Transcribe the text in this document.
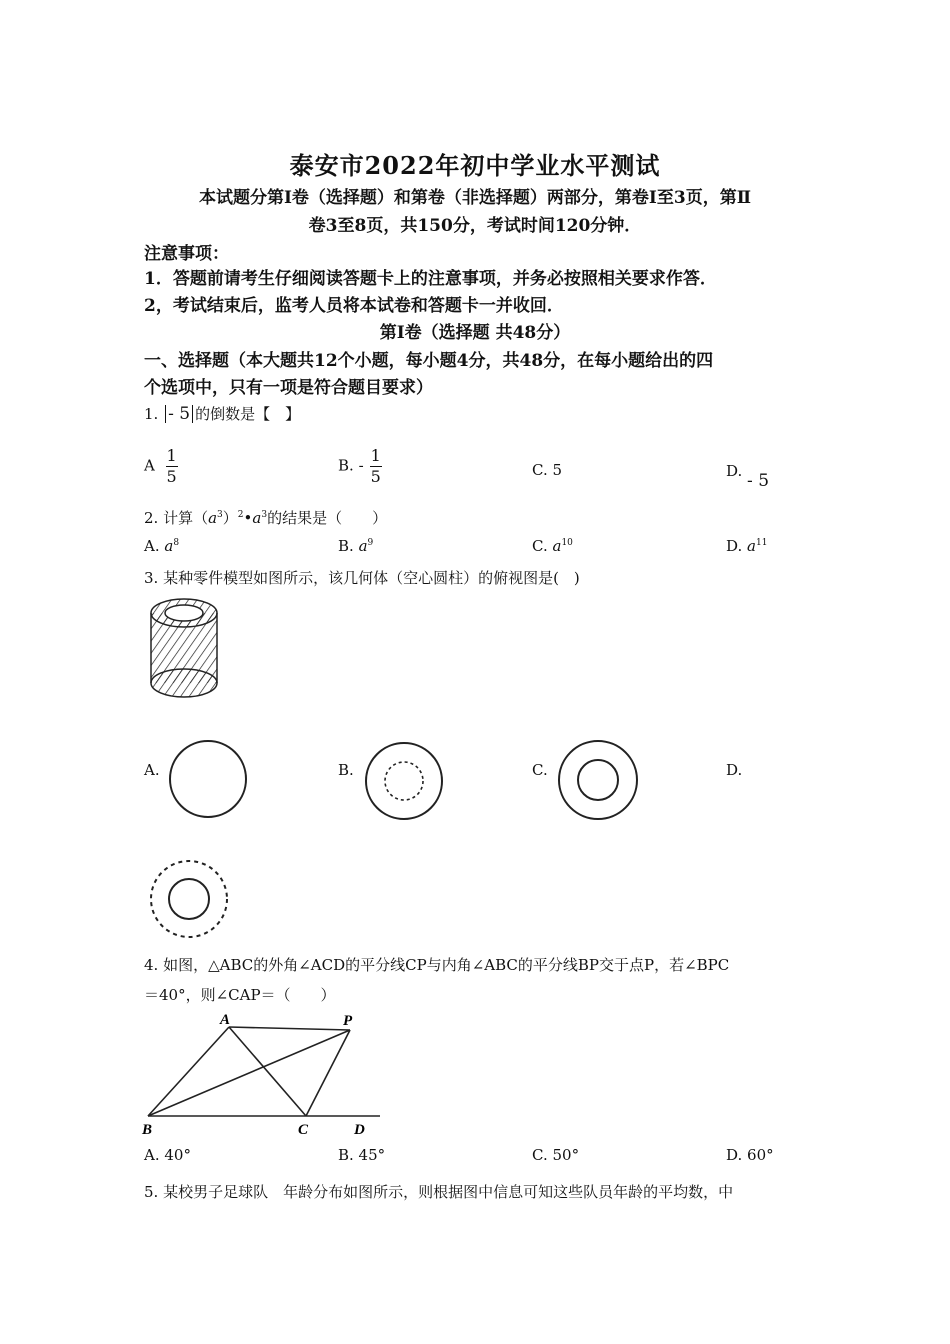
泰安市2022年初中学业水平测试
本试题分第Ⅰ卷（选择题）和第卷（非选择题）两部分，第卷Ⅰ至3页，第Ⅱ
卷3至8页，共150分，考试时间120分钟．
注意事项：
1．答题前请考生仔细阅读答题卡上的注意事项，并务必按照相关要求作答．
2，考试结束后，监考人员将本试卷和答题卡一并收回．
第Ⅰ卷（选择题 共48分）
一、选择题（本大题共12个小题，每小题4分，共48分，在每小题给出的四
个选项中，只有一项是符合题目要求）
1. - 5 的倒数是【　】
A $\frac{1}{5}$	B. - $\frac{1}{5}$	C. 5	D. - 5
2. 计算$(a^3)^2•a^3$的结果是（　　）
A. $a^8$	B. $a^9$	C. $a^{10}$	D. $a^{11}$
3. 某种零件模型如图所示，该几何体（空心圆柱）的俯视图是(　)
A.	B.	C.	D.
4. 如图，△ABC的外角∠ACD的平分线CP与内角∠ABC的平分线BP交于点P，若∠BPC
＝40°，则∠CAP＝（　　）
A	P
B	C	D
A. 40°	B. 45°	C. 50°	D. 60°
5. 某校男子足球队　年龄分布如图所示，则根据图中信息可知这些队员年龄的平均数，中
